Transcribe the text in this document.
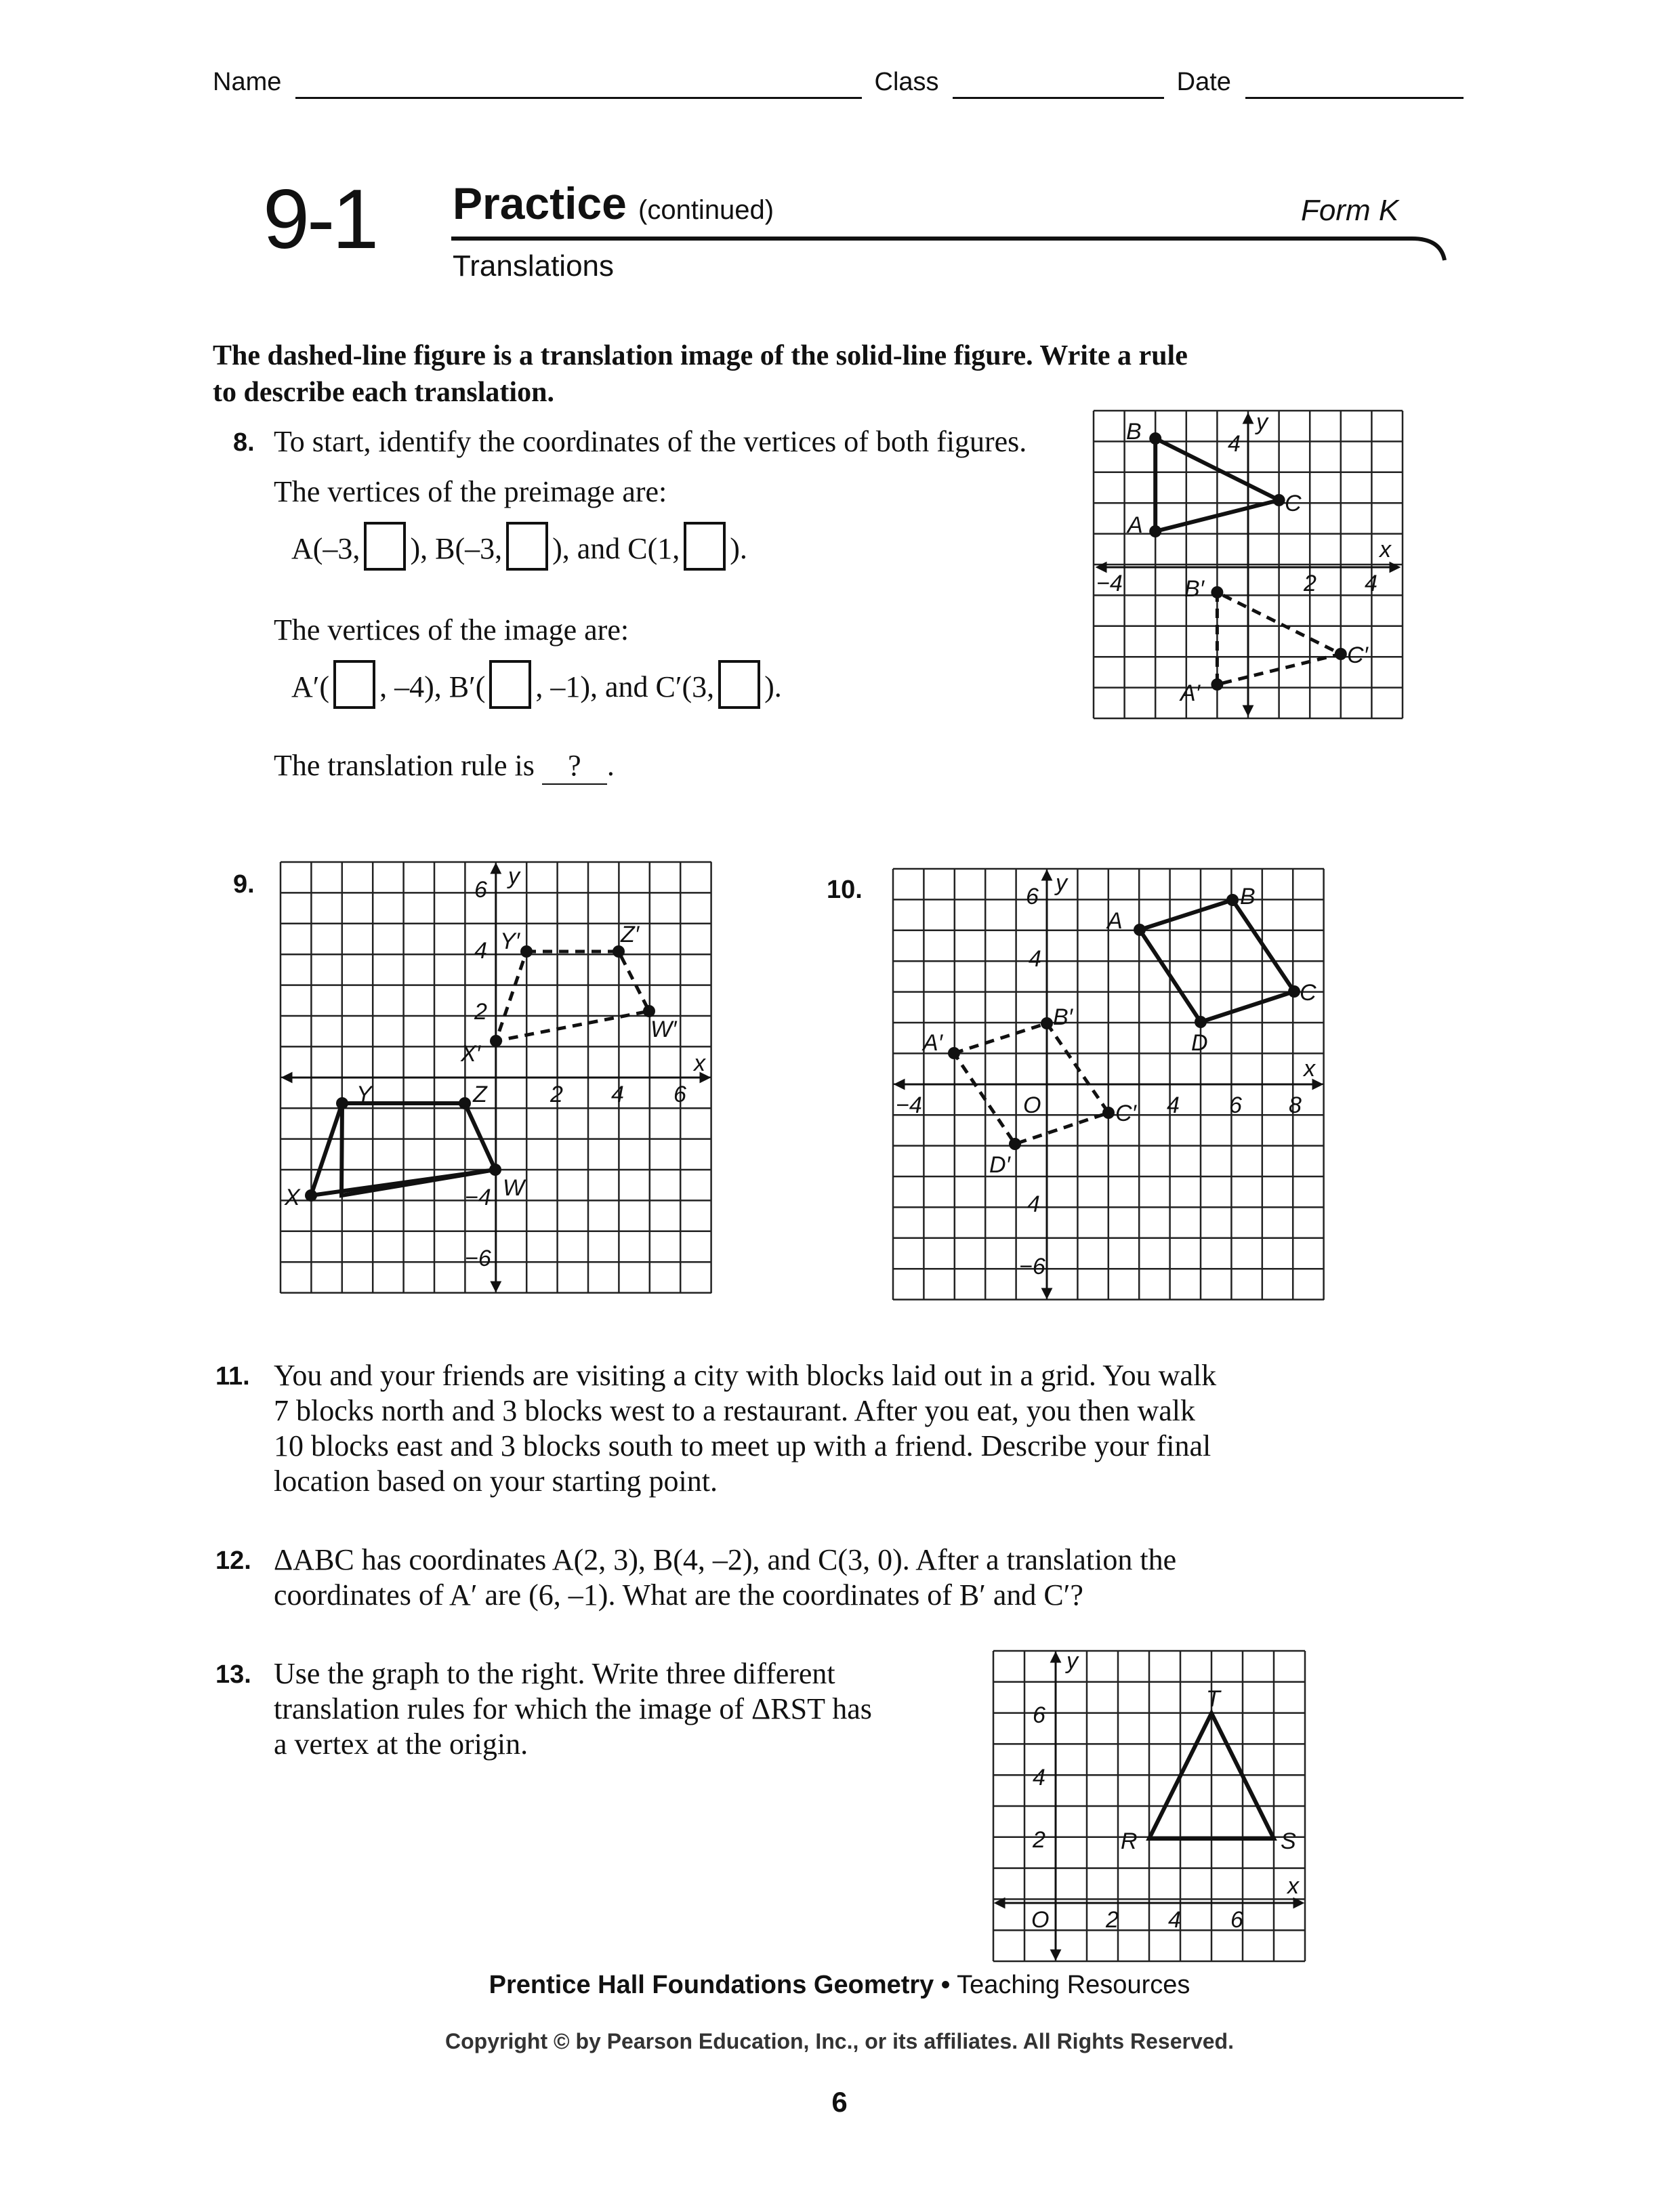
Name	Class	Date
9-1 Practice (continued)	Form K
Translations
The dashed-line figure is a translation image of the solid-line figure. Write a rule
to describe each translation.
8. To start, identify the coordinates of the vertices of both figures.
The vertices of the preimage are:
A(–3, ), B(–3, ), and C(1, ).
The vertices of the image are:
A′( , –4), B′( , –1), and C′(3, ).
The translation rule is ? .
B
A
C
B′
A′
C′
x
y
4
−4	2 4
9.
Y′	Z′
W′
X′
Y	Z
W
X
x
y
6
4
2
2 4 6
−4
−6
10.
A
B
C
D
A′
B′
C′
D′
x
y
6
4
−4	O	4 6 8
4
−6
11. You and your friends are visiting a city with blocks laid out in a grid. You walk
7 blocks north and 3 blocks west to a restaurant. After you eat, you then walk
10 blocks east and 3 blocks south to meet up with a friend. Describe your final
location based on your starting point.
12. ΔABC has coordinates A(2, 3), B(4, –2), and C(3, 0). After a translation the
coordinates of A′ are (6, –1). What are the coordinates of B′ and C′?
13. Use the graph to the right. Write three different
translation rules for which the image of ΔRST has
a vertex at the origin.
R	S
T
x
y
6
4
2
O 2 4 6
Prentice Hall Foundations Geometry • Teaching Resources
Copyright © by Pearson Education, Inc., or its affiliates. All Rights Reserved.
6
